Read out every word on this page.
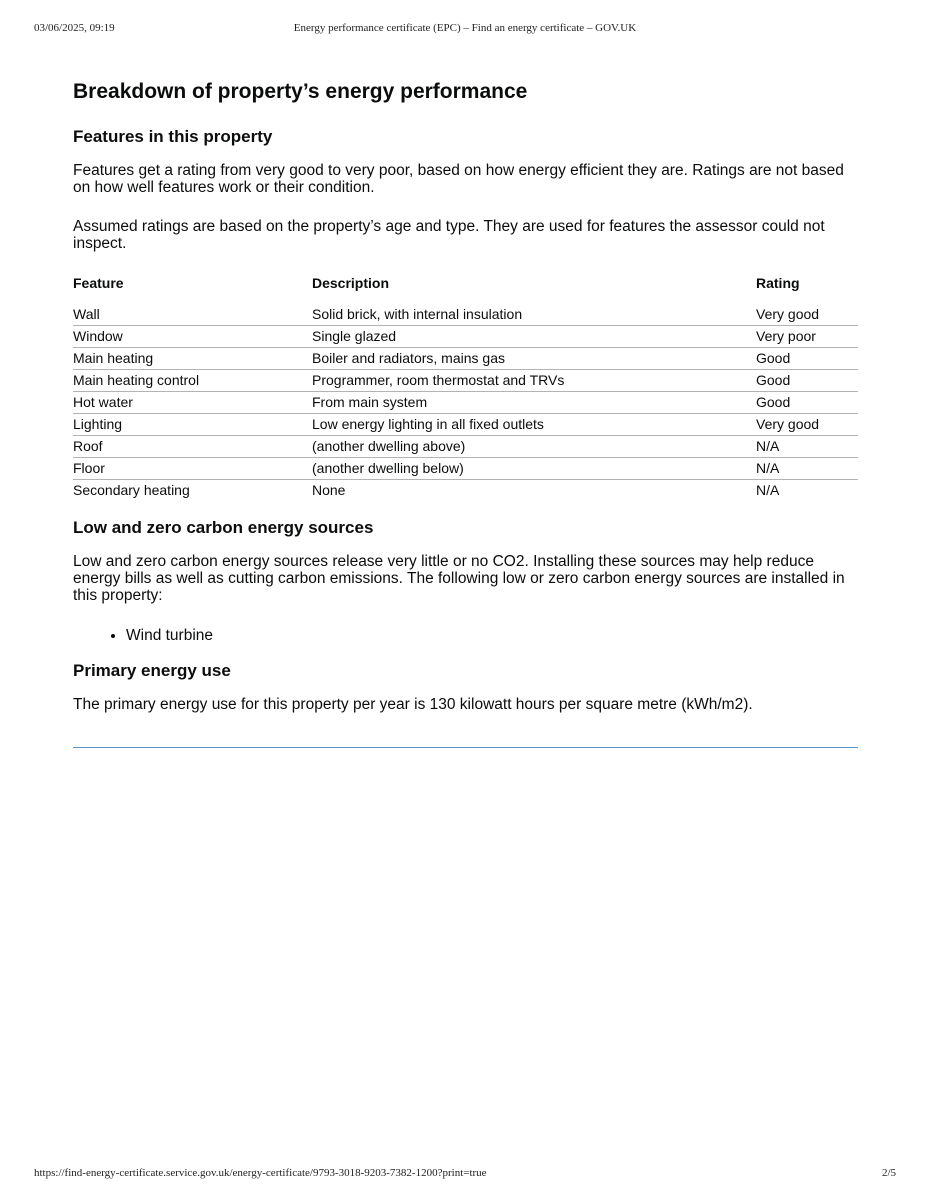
03/06/2025, 09:19	Energy performance certificate (EPC) – Find an energy certificate – GOV.UK
Breakdown of property’s energy performance
Features in this property

Features get a rating from very good to very poor, based on how energy efficient they are. Ratings are not based on how well features work or their condition.

Assumed ratings are based on the property’s age and type. They are used for features the assessor could not inspect.

Feature	Description	Rating
Wall	Solid brick, with internal insulation	Very good
Window	Single glazed	Very poor
Main heating	Boiler and radiators, mains gas	Good
Main heating control	Programmer, room thermostat and TRVs	Good
Hot water	From main system	Good
Lighting	Low energy lighting in all fixed outlets	Very good
Roof	(another dwelling above)	N/A
Floor	(another dwelling below)	N/A
Secondary heating	None	N/A
Low and zero carbon energy sources

Low and zero carbon energy sources release very little or no CO2. Installing these sources may help reduce energy bills as well as cutting carbon emissions. The following low or zero carbon energy sources are installed in this property:

• Wind turbine
Primary energy use

The primary energy use for this property per year is 130 kilowatt hours per square metre (kWh/m2).

https://find-energy-certificate.service.gov.uk/energy-certificate/9793-3018-9203-7382-1200?print=true	2/5
